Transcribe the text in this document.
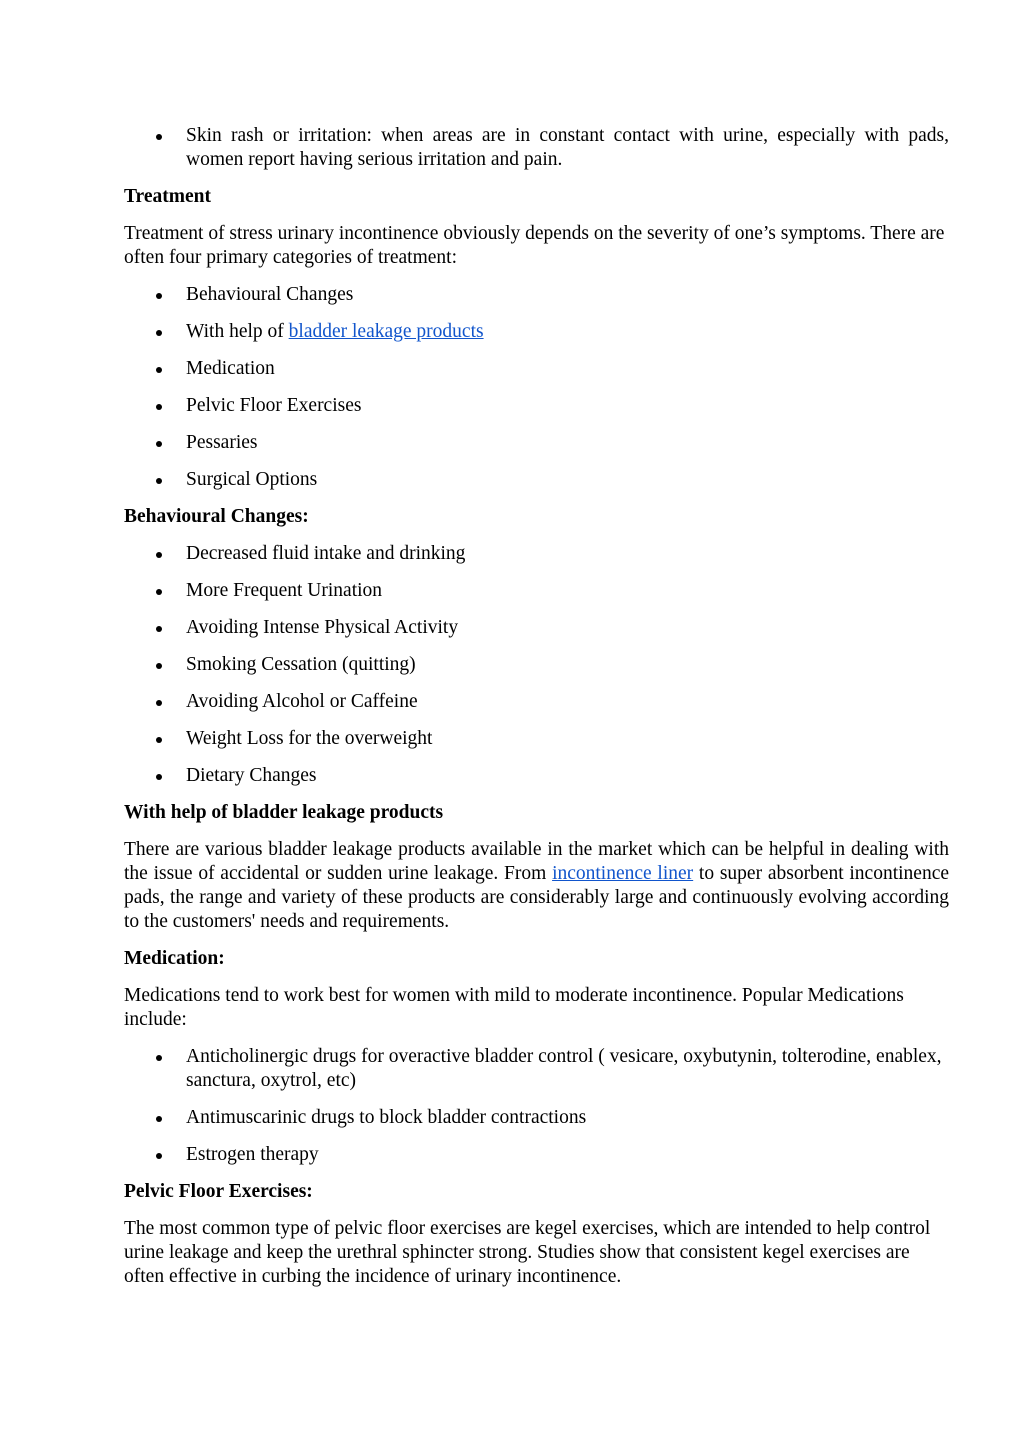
Skin rash or irritation: when areas are in constant contact with urine, especially with pads, women report having serious irritation and pain.

Treatment

Treatment of stress urinary incontinence obviously depends on the severity of one’s symptoms. There are often four primary categories of treatment:

Behavioural Changes
With help of bladder leakage products
Medication
Pelvic Floor Exercises
Pessaries
Surgical Options

Behavioural Changes:

Decreased fluid intake and drinking
More Frequent Urination
Avoiding Intense Physical Activity
Smoking Cessation (quitting)
Avoiding Alcohol or Caffeine
Weight Loss for the overweight
Dietary Changes

With help of bladder leakage products

There are various bladder leakage products available in the market which can be helpful in dealing with the issue of accidental or sudden urine leakage. From incontinence liner to super absorbent incontinence pads, the range and variety of these products are considerably large and continuously evolving according to the customers' needs and requirements.

Medication:

Medications tend to work best for women with mild to moderate incontinence. Popular Medications include:

Anticholinergic drugs for overactive bladder control ( vesicare, oxybutynin, tolterodine, enablex, sanctura, oxytrol, etc)
Antimuscarinic drugs to block bladder contractions
Estrogen therapy

Pelvic Floor Exercises:

The most common type of pelvic floor exercises are kegel exercises, which are intended to help control urine leakage and keep the urethral sphincter strong. Studies show that consistent kegel exercises are often effective in curbing the incidence of urinary incontinence.
